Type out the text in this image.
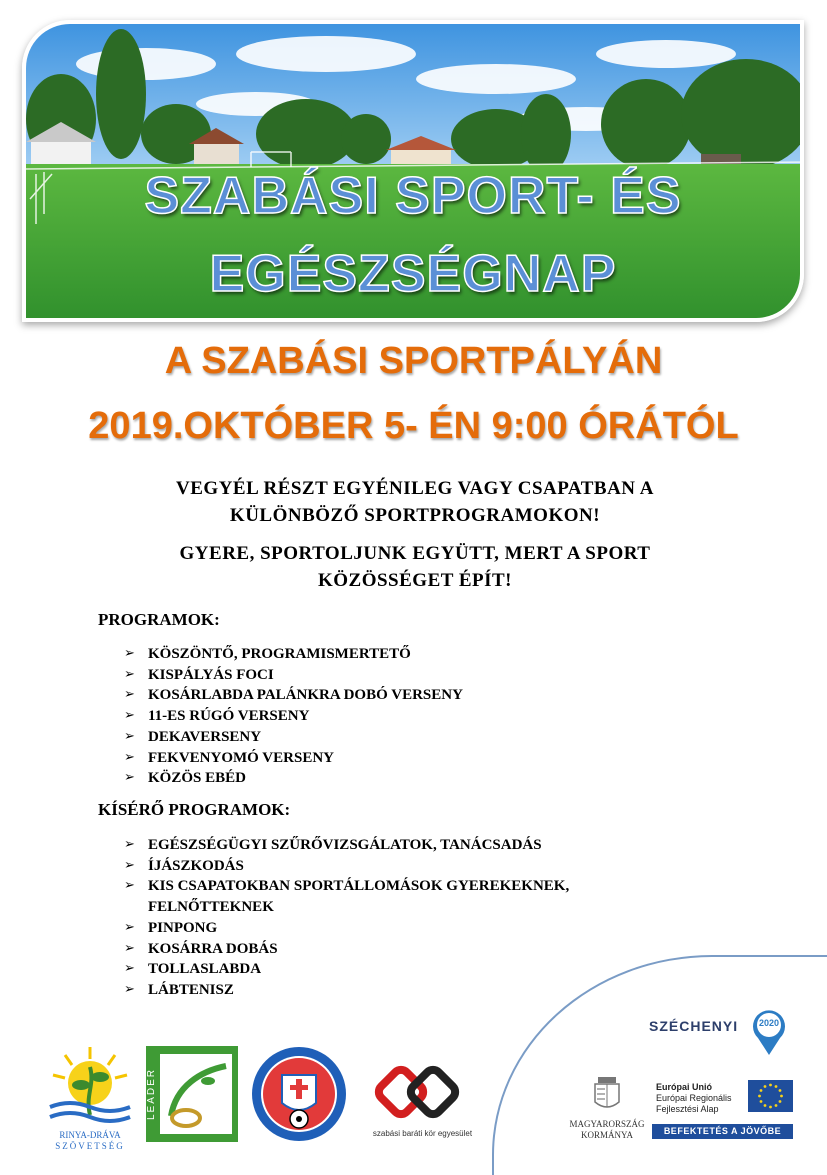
SZABÁSI SPORT- ÉS
EGÉSZSÉGNAP
A SZABÁSI SPORTPÁLYÁN
2019.OKTÓBER 5- ÉN 9:00 ÓRÁTÓL

VEGYÉL RÉSZT EGYÉNILEG VAGY CSAPATBAN A
KÜLÖNBÖZŐ SPORTPROGRAMOKON!

GYERE, SPORTOLJUNK EGYÜTT, MERT A SPORT
KÖZÖSSÉGET ÉPÍT!

PROGRAMOK:
➢ KÖSZÖNTŐ, PROGRAMISMERTETŐ
➢ KISPÁLYÁS FOCI
➢ KOSÁRLABDA PALÁNKRA DOBÓ VERSENY
➢ 11-ES RÚGÓ VERSENY
➢ DEKAVERSENY
➢ FEKVENYOMÓ VERSENY
➢ KÖZÖS EBÉD
KÍSÉRŐ PROGRAMOK:
➢ EGÉSZSÉGÜGYI SZŰRŐVIZSGÁLATOK, TANÁCSADÁS
➢ ÍJÁSZKODÁS
➢ KIS CSAPATOKBAN SPORTÁLLOMÁSOK GYEREKEKNEK,
FELNŐTTEKNEK
➢ PINPONG
➢ KOSÁRRA DOBÁS
➢ TOLLASLABDA
➢ LÁBTENISZ
RINYA-DRÁVA
SZÖVETSÉG
LEADER
szabási baráti kör egyesület
SZÉCHENYI	2020
MAGYARORSZÁG
KORMÁNYA
Európai Unió
Európai Regionális
Fejlesztési Alap
BEFEKTETÉS A JÖVŐBE
